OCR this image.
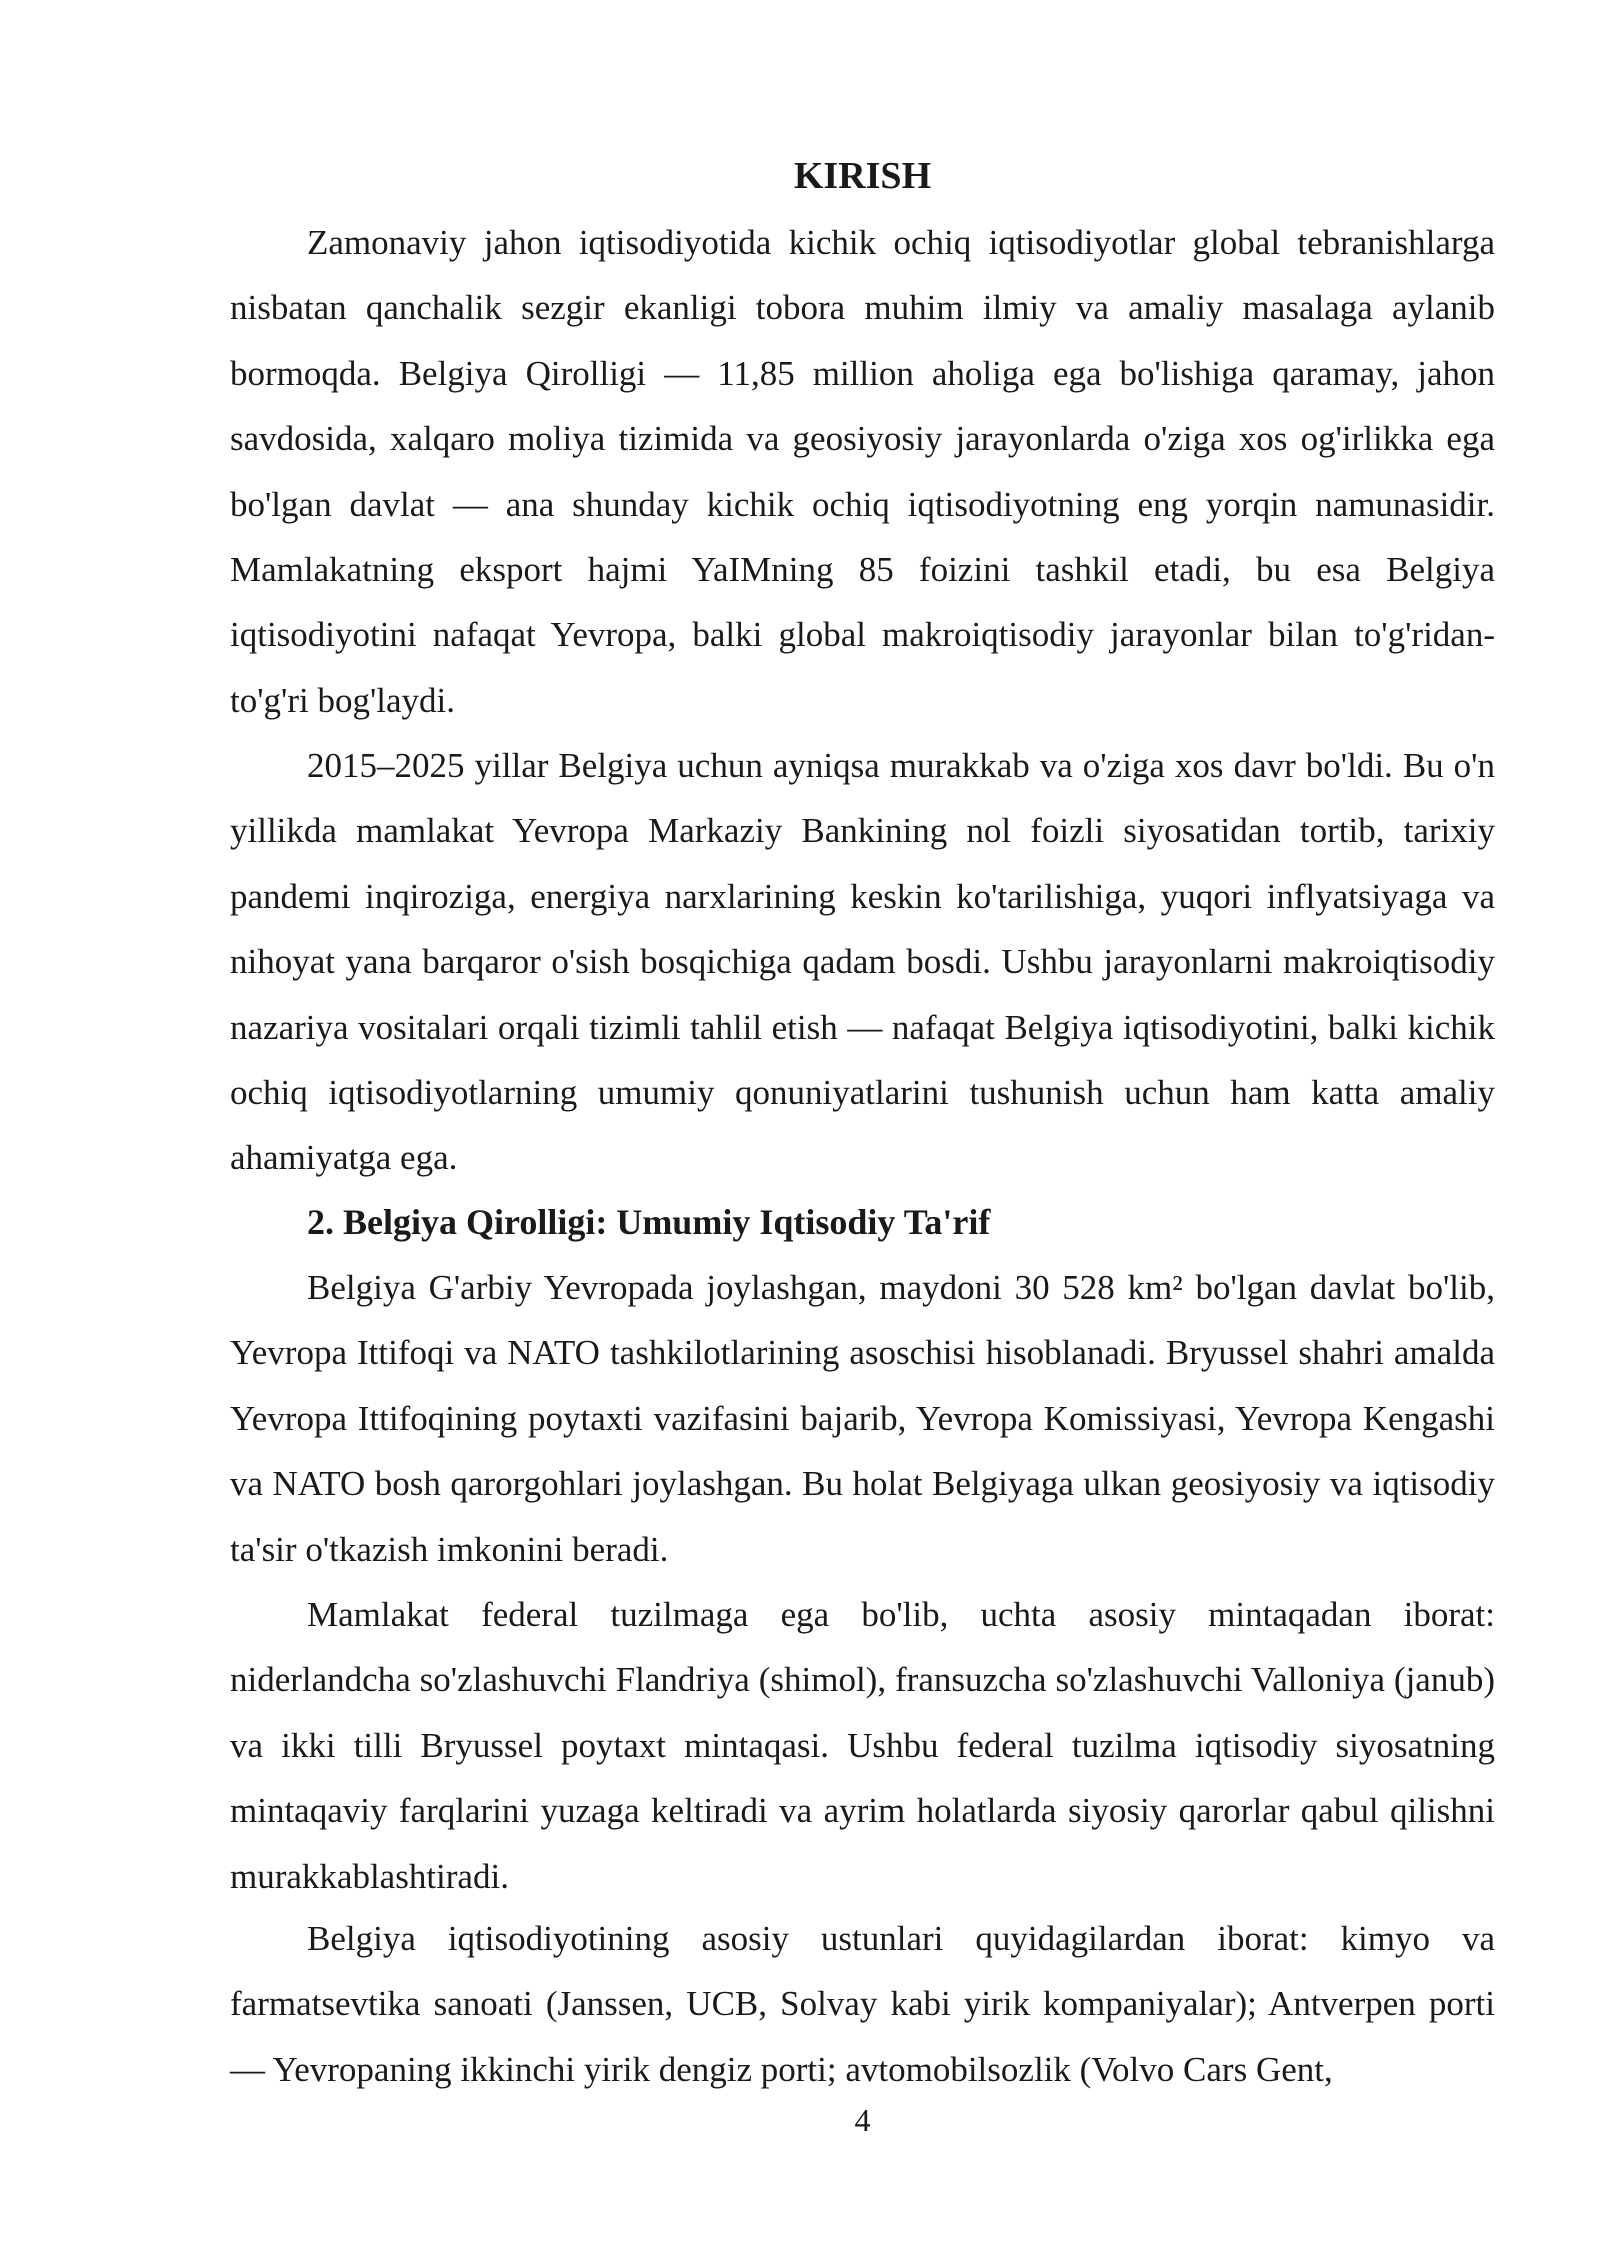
KIRISH

Zamonaviy jahon iqtisodiyotida kichik ochiq iqtisodiyotlar global tebranishlarga nisbatan qanchalik sezgir ekanligi tobora muhim ilmiy va amaliy masalaga aylanib bormoqda. Belgiya Qirolligi — 11,85 million aholiga ega bo'lishiga qaramay, jahon savdosida, xalqaro moliya tizimida va geosiyosiy jarayonlarda o'ziga xos og'irlikka ega bo'lgan davlat — ana shunday kichik ochiq iqtisodiyotning eng yorqin namunasidir. Mamlakatning eksport hajmi YaIMning 85 foizini tashkil etadi, bu esa Belgiya iqtisodiyotini nafaqat Yevropa, balki global makroiqtisodiy jarayonlar bilan to'g'ridan-to'g'ri bog'laydi.

2015–2025 yillar Belgiya uchun ayniqsa murakkab va o'ziga xos davr bo'ldi. Bu o'n yillikda mamlakat Yevropa Markaziy Bankining nol foizli siyosatidan tortib, tarixiy pandemi inqiroziga, energiya narxlarining keskin ko'tarilishiga, yuqori inflyatsiyaga va nihoyat yana barqaror o'sish bosqichiga qadam bosdi. Ushbu jarayonlarni makroiqtisodiy nazariya vositalari orqali tizimli tahlil etish — nafaqat Belgiya iqtisodiyotini, balki kichik ochiq iqtisodiyotlarning umumiy qonuniyatlarini tushunish uchun ham katta amaliy ahamiyatga ega.

2. Belgiya Qirolligi: Umumiy Iqtisodiy Ta'rif

Belgiya G'arbiy Yevropada joylashgan, maydoni 30 528 km² bo'lgan davlat bo'lib, Yevropa Ittifoqi va NATO tashkilotlarining asoschisi hisoblanadi. Bryussel shahri amalda Yevropa Ittifoqining poytaxti vazifasini bajarib, Yevropa Komissiyasi, Yevropa Kengashi va NATO bosh qarorgohlari joylashgan. Bu holat Belgiyaga ulkan geosiyosiy va iqtisodiy ta'sir o'tkazish imkonini beradi.

Mamlakat federal tuzilmaga ega bo'lib, uchta asosiy mintaqadan iborat: niderlandcha so'zlashuvchi Flandriya (shimol), fransuzcha so'zlashuvchi Valloniya (janub) va ikki tilli Bryussel poytaxt mintaqasi. Ushbu federal tuzilma iqtisodiy siyosatning mintaqaviy farqlarini yuzaga keltiradi va ayrim holatlarda siyosiy qarorlar qabul qilishni murakkablashtiradi.

Belgiya iqtisodiyotining asosiy ustunlari quyidagilardan iborat: kimyo va farmatsevtika sanoati (Janssen, UCB, Solvay kabi yirik kompaniyalar); Antverpen porti — Yevropaning ikkinchi yirik dengiz porti; avtomobilsozlik (Volvo Cars Gent,

4
